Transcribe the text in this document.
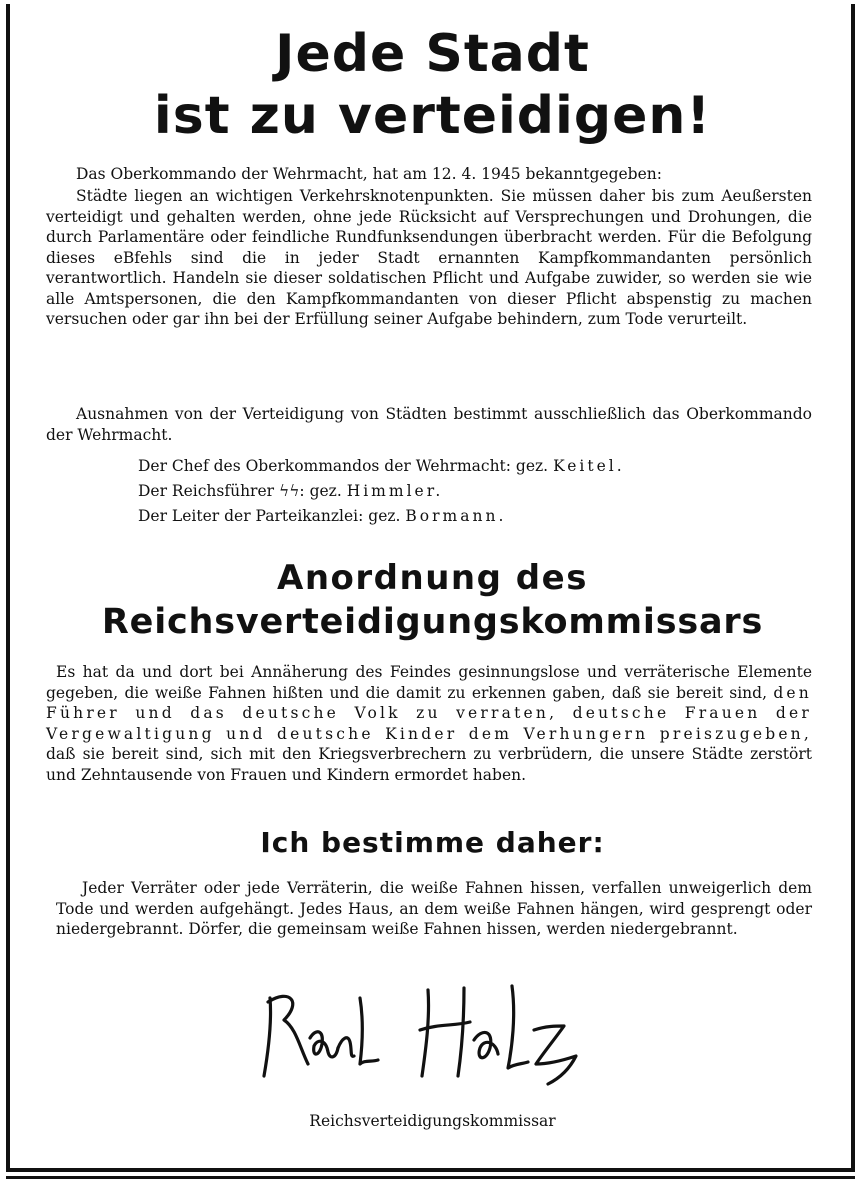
Jede Stadt
ist zu verteidigen!

Das Oberkommando der Wehrmacht, hat am 12. 4. 1945 bekanntgegeben:

Städte liegen an wichtigen Verkehrsknotenpunkten. Sie müssen daher bis zum Aeußersten verteidigt und gehalten werden, ohne jede Rücksicht auf Versprechungen und Drohungen, die durch Parlamentäre oder feindliche Rundfunksendungen überbracht werden. Für die Befolgung dieses eBfehls sind die in jeder Stadt ernannten Kampfkommandanten persönlich verantwortlich. Handeln sie dieser soldatischen Pflicht und Aufgabe zuwider, so werden sie wie alle Amtspersonen, die den Kampfkommandanten von dieser Pflicht abspenstig zu machen versuchen oder gar ihn bei der Erfüllung seiner Aufgabe behindern, zum Tode verurteilt.

Ausnahmen von der Verteidigung von Städten bestimmt ausschließlich das Oberkommando der Wehrmacht.

Der Chef des Oberkommandos der Wehrmacht: gez. Keitel.
Der Reichsführer ϟϟ: gez. Himmler.
Der Leiter der Parteikanzlei: gez. Bormann.
Anordnung des
Reichsverteidigungskommissars

Es hat da und dort bei Annäherung des Feindes gesinnungslose und verräterische Elemente gegeben, die weiße Fahnen hißten und die damit zu erkennen gaben, daß sie bereit sind, den Führer und das deutsche Volk zu verraten, deutsche Frauen der Vergewaltigung und deutsche Kinder dem Verhungern preiszugeben, daß sie bereit sind, sich mit den Kriegsverbrechern zu verbrüdern, die unsere Städte zerstört und Zehntausende von Frauen und Kindern ermordet haben.

Ich bestimme daher:

Jeder Verräter oder jede Verräterin, die weiße Fahnen hissen, verfallen unweigerlich dem Tode und werden aufgehängt. Jedes Haus, an dem weiße Fahnen hängen, wird gesprengt oder niedergebrannt. Dörfer, die gemeinsam weiße Fahnen hissen, werden niedergebrannt.

Reichsverteidigungskommissar
